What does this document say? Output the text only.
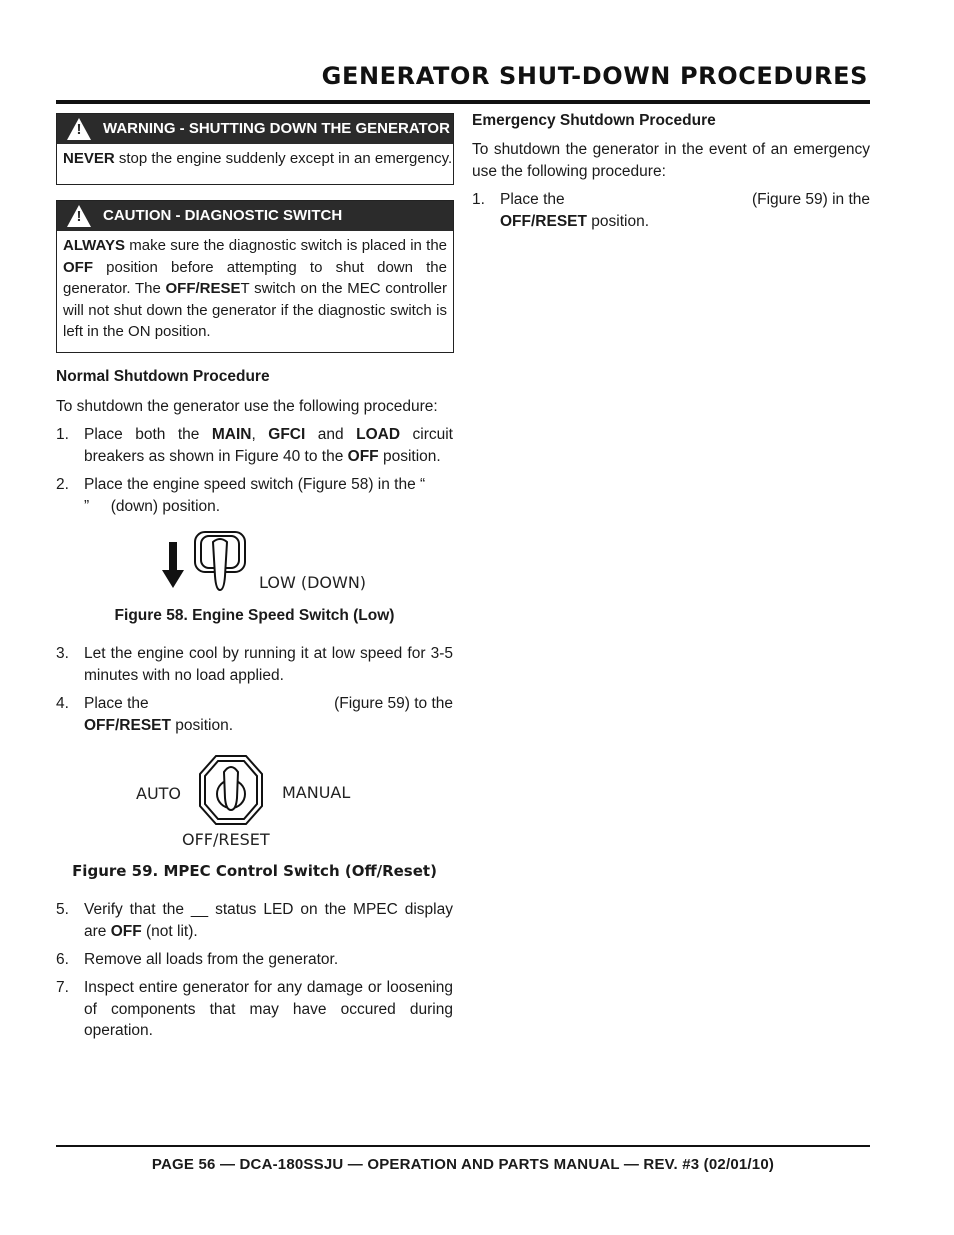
GENERATOR SHUT-DOWN PROCEDURES
! WARNING - SHUTTING DOWN THE GENERATOR
NEVER stop the engine suddenly except in an emergency.
! CAUTION - DIAGNOSTIC SWITCH
ALWAYS make sure the diagnostic switch is placed in the OFF position before attempting to shut down the generator. The OFF/RESET switch on the MEC controller will not shut down the generator if the diagnostic switch is left in the ON position.
Normal Shutdown Procedure
To shutdown the generator use the following procedure:
1. Place both the MAIN, GFCI and LOAD circuit breakers as shown in Figure 40 to the OFF position.
2. Place the engine speed switch (Figure 58) in the “
”     (down) position.
LOW (DOWN)
Figure 58. Engine Speed Switch (Low)
3. Let the engine cool by running it at low speed for 3-5 minutes with no load applied.
4. Place the	(Figure 59) to the

OFF/RESET position.
AUTO	MANUAL
OFF/RESET
Figure 59. MPEC Control Switch (Off/Reset)
5. Verify that the __ status LED on the MPEC display are OFF (not lit).
6. Remove all loads from the generator.
7. Inspect entire generator for any damage or loosening of components that may have occured during operation.
Emergency Shutdown Procedure
To shutdown the generator in the event of an emergency use the following procedure:
1. Place the	(Figure 59) in the

OFF/RESET position.
PAGE 56 — DCA-180SSJU — OPERATION AND PARTS MANUAL — REV. #3 (02/01/10)
